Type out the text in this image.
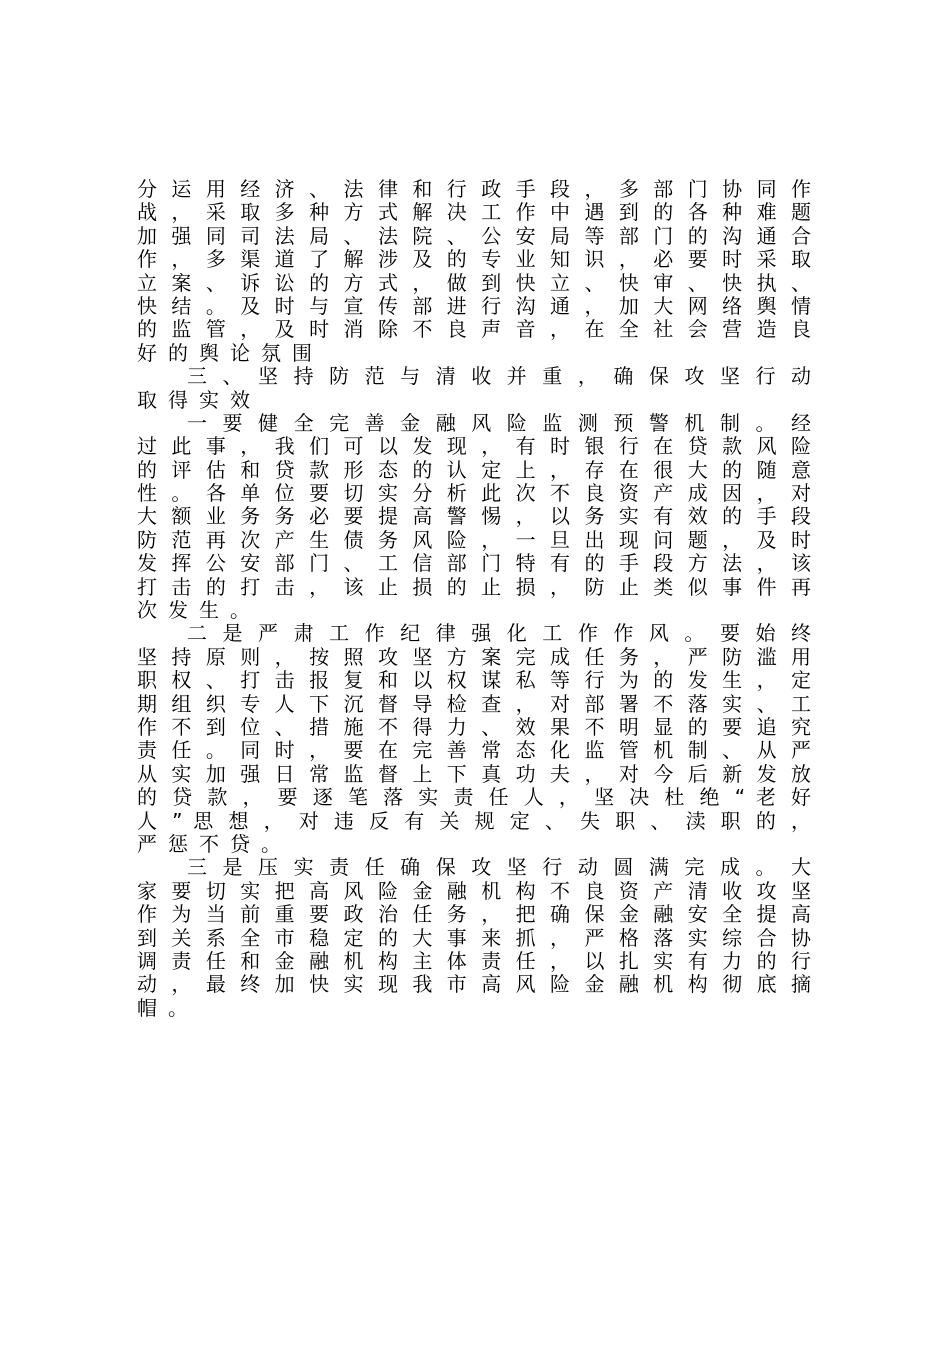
分 运 用 经 济 、 法 律 和 行 政 手 段 ， 多 部 门 协 同 作
战 ， 采 取 多 种 方 式 解 决 工 作 中 遇 到 的 各 种 难 题
加 强 同 司 法 局 、 法 院 、 公 安 局 等 部 门 的 沟 通 合
作 ， 多 渠 道 了 解 涉 及 的 专 业 知 识 ， 必 要 时 采 取
立 案 、 诉 讼 的 方 式 ， 做 到 快 立 、 快 审 、 快 执 、
快 结 。 及 时 与 宣 传 部 进 行 沟 通 ， 加 大 网 络 舆 情
的 监 管 ， 及 时 消 除 不 良 声 音 ， 在 全 社 会 营 造 良
好的舆论氛围
三 、 坚 持 防 范 与 清 收 并 重 ， 确 保 攻 坚 行 动
取得实效
一 要 健 全 完 善 金 融 风 险 监 测 预 警 机 制 。 经
过 此 事 ， 我 们 可 以 发 现 ， 有 时 银 行 在 贷 款 风 险
的 评 估 和 贷 款 形 态 的 认 定 上 ， 存 在 很 大 的 随 意
性 。 各 单 位 要 切 实 分 析 此 次 不 良 资 产 成 因 ， 对
大 额 业 务 务 必 要 提 高 警 惕 ， 以 务 实 有 效 的 手 段
防 范 再 次 产 生 债 务 风 险 ， 一 旦 出 现 问 题 ， 及 时
发 挥 公 安 部 门 、 工 信 部 门 特 有 的 手 段 方 法 ， 该
打 击 的 打 击 ， 该 止 损 的 止 损 ， 防 止 类 似 事 件 再
次发生。
二 是 严 肃 工 作 纪 律 强 化 工 作 作 风 。 要 始 终
坚 持 原 则 ， 按 照 攻 坚 方 案 完 成 任 务 ， 严 防 滥 用
职 权 、 打 击 报 复 和 以 权 谋 私 等 行 为 的 发 生 ， 定
期 组 织 专 人 下 沉 督 导 检 查 ， 对 部 署 不 落 实 、 工
作 不 到 位 、 措 施 不 得 力 、 效 果 不 明 显 的 要 追 究
责 任 。 同 时 ， 要 在 完 善 常 态 化 监 管 机 制 、 从 严
从 实 加 强 日 常 监 督 上 下 真 功 夫 ， 对 今 后 新 发 放
的 贷 款 ， 要 逐 笔 落 实 责 任 人 ， 坚 决 杜 绝 “ 老 好
人 ” 思 想 ， 对 违 反 有 关 规 定 、 失 职 、 渎 职 的 ，
严惩不贷。
三 是 压 实 责 任 确 保 攻 坚 行 动 圆 满 完 成 。 大
家 要 切 实 把 高 风 险 金 融 机 构 不 良 资 产 清 收 攻 坚
作 为 当 前 重 要 政 治 任 务 ， 把 确 保 金 融 安 全 提 高
到 关 系 全 市 稳 定 的 大 事 来 抓 ， 严 格 落 实 综 合 协
调 责 任 和 金 融 机 构 主 体 责 任 ， 以 扎 实 有 力 的 行
动 ， 最 终 加 快 实 现 我 市 高 风 险 金 融 机 构 彻 底 摘
帽。
